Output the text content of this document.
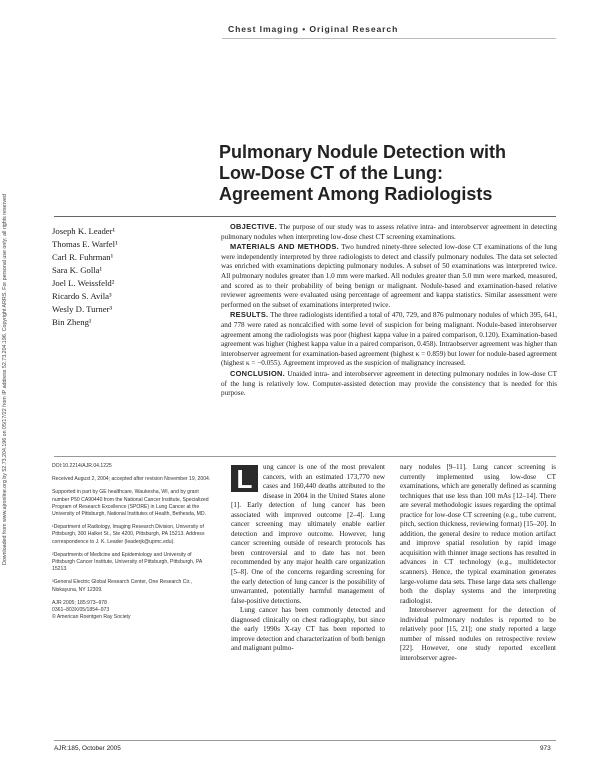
Downloaded from www.ajronline.org by 52.73.204.196 on 05/17/22 from IP address 52.73.204.196. Copyright ARRS. For personal use only; all rights reserved
Chest Imaging • Original Research
Pulmonary Nodule Detection with
Low-Dose CT of the Lung:
Agreement Among Radiologists
Joseph K. Leader¹
Thomas E. Warfel¹
Carl R. Fuhrman¹
Sara K. Golla¹
Joel L. Weissfeld²
Ricardo S. Avila³
Wesly D. Turner³
Bin Zheng¹

OBJECTIVE. The purpose of our study was to assess relative intra- and interobserver agreement in detecting pulmonary nodules when interpreting low-dose chest CT screening examinations.

MATERIALS AND METHODS. Two hundred ninety-three selected low-dose CT examinations of the lung were independently interpreted by three radiologists to detect and classify pulmonary nodules. The data set selected was enriched with examinations depicting pulmonary nodules. A subset of 50 examinations was interpreted twice. All pulmonary nodules greater than 1.0 mm were marked. All nodules greater than 5.0 mm were marked, measured, and scored as to their probability of being benign or malignant. Nodule-based and examination-based relative reviewer agreements were evaluated using percentage of agreement and kappa statistics. Similar assessment were performed on the subset of examinations interpreted twice.

RESULTS. The three radiologists identified a total of 470, 729, and 876 pulmonary nodules of which 395, 641, and 778 were rated as noncalcified with some level of suspicion for being malignant. Nodule-based interobserver agreement among the radiologists was poor (highest kappa value in a paired comparison, 0.120). Examination-based agreement was higher (highest kappa value in a paired comparison, 0.458). Intraobserver agreement was higher than interobserver agreement for examination-based agreement (highest κ = 0.859) but lower for nodule-based agreement (highest κ = −0.055). Agreement improved as the suspicion of malignancy increased.

CONCLUSION. Unaided intra- and interobserver agreement in detecting pulmonary nodules in low-dose CT of the lung is relatively low. Computer-assisted detection may provide the consistency that is needed for this purpose.

DOI:10.2214/AJR.04.1225

Received August 2, 2004; accepted after revision November 19, 2004.

Supported in part by GE healthcare, Waukesha, WI, and by grant number P50 CA90440 from the National Cancer Institute, Specialized Program of Research Excellence (SPORE) in Lung Cancer at the University of Pittsburgh, National Institutes of Health, Bethesda, MD.

¹Department of Radiology, Imaging Research Division, University of Pittsburgh, 300 Halket St., Ste 4200, Pittsburgh, PA 15213. Address correspondence to J. K. Leader (leaderjk@upmc.edu).

²Departments of Medicine and Epidemiology and University of Pittsburgh Cancer Institute, University of Pittsburgh, Pittsburgh, PA 15213.

³General Electric Global Research Center, One Research Cir., Niskayuna, NY 12309.

AJR 2005; 185:973–978
0361–803X/05/1854–973
© American Roentgen Ray Society

L	ung cancer is one of the most prevalent cancers, with an estimated 173,770 new cases and 160,440 deaths attributed to the disease in 2004 in the United States alone [1]. Early detection of lung cancer has been associated with improved outcome [2–4]. Lung cancer screening may ultimately enable earlier detection and improve outcome. However, lung cancer screening outside of research protocols has been controversial and to date has not been recommended by any major health care organization [5–8]. One of the concerns regarding screening for the early detection of lung cancer is the possibility of unwarranted, potentially harmful management of false-positive detections.

Lung cancer has been commonly detected and diagnosed clinically on chest radiography, but since the early 1990s X-ray CT has been reported to improve detection and characterization of both benign and malignant pulmo-

nary nodules [9–11]. Lung cancer screening is currently implemented using low-dose CT examinations, which are generally defined as scanning techniques that use less than 100 mAs [12–14]. There are several methodologic issues regarding the optimal practice for low-dose CT screening (e.g., tube current, pitch, section thickness, reviewing format) [15–20]. In addition, the general desire to reduce motion artifact and improve spatial resolution by rapid image acquisition with thinner image sections has resulted in advances in CT technology (e.g., multidetector scanners). Hence, the typical examination generates large-volume data sets. These large data sets challenge both the display systems and the interpreting radiologist.

Interobserver agreement for the detection of individual pulmonary nodules is reported to be relatively poor [15, 21]; one study reported a large number of missed nodules on retrospective review [22]. However, one study reported excellent interobserver agree-

AJR:185, October 2005	973
